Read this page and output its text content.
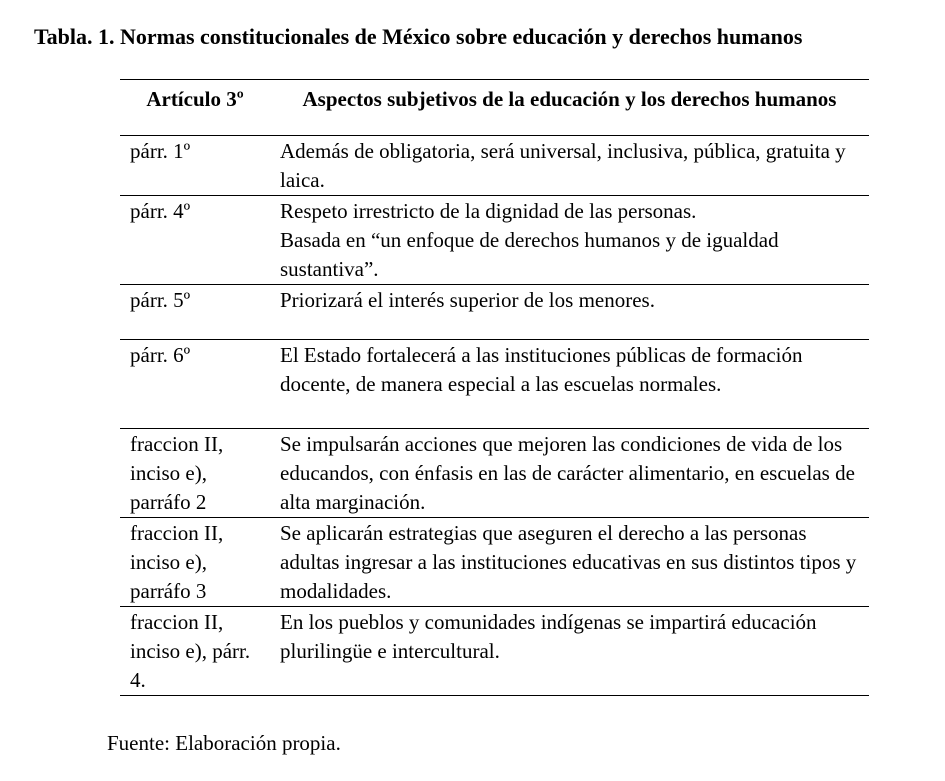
Tabla. 1. Normas constitucionales de México sobre educación y derechos humanos
Artículo 3º	Aspectos subjetivos de la educación y los derechos humanos
párr. 1º	Además de obligatoria, será universal, inclusiva, pública, gratuita y laica.
párr. 4º	Respeto irrestricto de la dignidad de las personas.
Basada en “un enfoque de derechos humanos y de igualdad sustantiva”.
párr. 5º	Priorizará el interés superior de los menores.
párr. 6º	El Estado fortalecerá a las instituciones públicas de formación docente, de manera especial a las escuelas normales.
fraccion II, inciso e), parráfo 2	Se impulsarán acciones que mejoren las condiciones de vida de los educandos, con énfasis en las de carácter alimentario, en escuelas de alta marginación.
fraccion II, inciso e), parráfo 3	Se aplicarán estrategias que aseguren el derecho a las personas adultas ingresar a las instituciones educativas en sus distintos tipos y modalidades.
fraccion II, inciso e), párr. 4.	En los pueblos y comunidades indígenas se impartirá educación plurilingüe e intercultural.

Fuente: Elaboración propia.
